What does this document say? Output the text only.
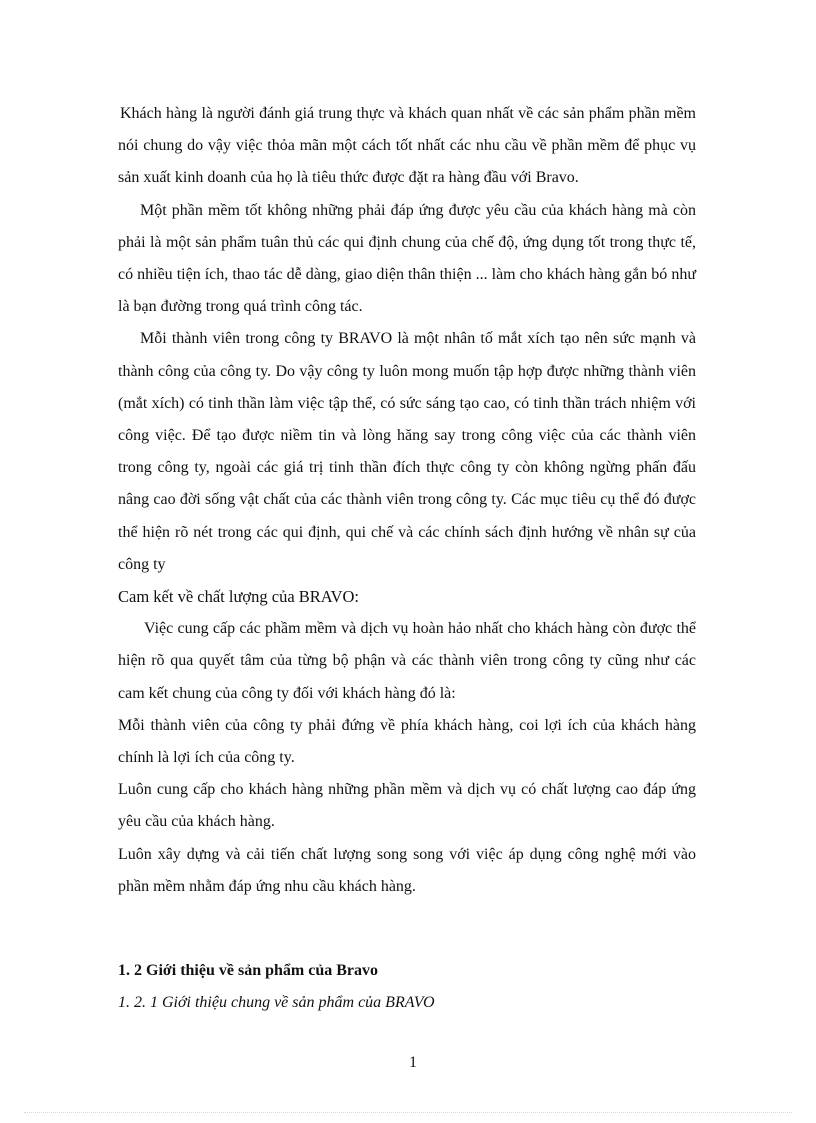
Khách hàng là người đánh giá trung thực và khách quan nhất về các sản phẩm phần mềm nói chung do vậy việc thỏa mãn một cách tốt nhất các nhu cầu về phần mềm để phục vụ sản xuất kinh doanh của họ là tiêu thức được đặt ra hàng đầu với Bravo.

Một phần mềm tốt không những phải đáp ứng được yêu cầu của khách hàng mà còn phải là một sản phẩm tuân thủ các qui định chung của chế độ, ứng dụng tốt trong thực tế, có nhiều tiện ích, thao tác dễ dàng, giao diện thân thiện ... làm cho khách hàng gắn bó như là bạn đường trong quá trình công tác.

Mỗi thành viên trong công ty BRAVO là một nhân tố mắt xích tạo nên sức mạnh và thành công của công ty. Do vậy công ty luôn mong muốn tập hợp được những thành viên (mắt xích) có tinh thần làm việc tập thể, có sức sáng tạo cao, có tinh thần trách nhiệm với công việc. Để tạo được niềm tin và lòng hăng say trong công việc của các thành viên trong công ty, ngoài các giá trị tinh thần đích thực công ty còn không ngừng phấn đấu nâng cao đời sống vật chất của các thành viên trong công ty. Các mục tiêu cụ thể đó được thể hiện rõ nét trong các qui định, qui chế và các chính sách định hướng về nhân sự của công ty

Cam kết về chất lượng của BRAVO:

Việc cung cấp các phầm mềm và dịch vụ hoàn hảo nhất cho khách hàng còn được thể hiện rõ qua quyết tâm của từng bộ phận và các thành viên trong công ty cũng như các cam kết chung của công ty đối với khách hàng đó là:

Mỗi thành viên của công ty phải đứng về phía khách hàng, coi lợi ích của khách hàng chính là lợi ích của công ty.

Luôn cung cấp cho khách hàng những phần mềm và dịch vụ có chất lượng cao đáp ứng yêu cầu của khách hàng.

Luôn xây dựng và cải tiến chất lượng song song với việc áp dụng công nghệ mới vào phần mềm nhằm đáp ứng nhu cầu khách hàng.

1. 2 Giới thiệu về sản phẩm của Bravo

1. 2. 1 Giới thiệu chung về sản phẩm của BRAVO

1
